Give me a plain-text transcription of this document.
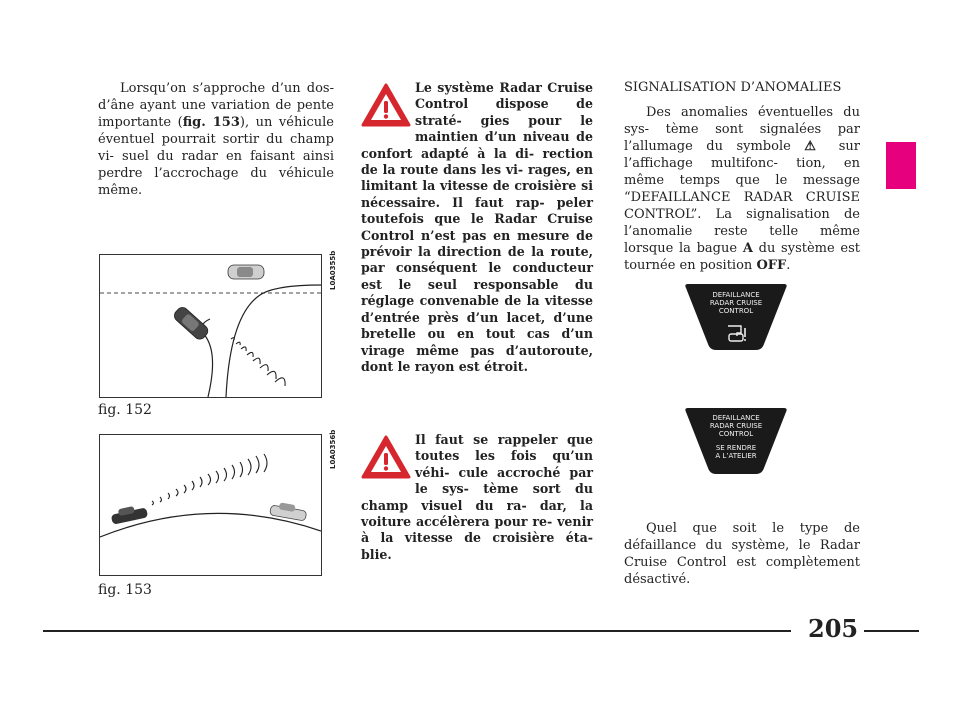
Lorsqu’on s’approche d’un dos- d’âne ayant une variation de pente importante (fig. 153), un véhicule éventuel pourrait sortir du champ vi- suel du radar en faisant ainsi perdre l’accrochage du véhicule même.
L0A0355b
fig. 152
L0A0356b
fig. 153
Le système Radar Cruise Control dispose de straté- gies pour le maintien d’un niveau de confort adapté à la di- rection de la route dans les vi- rages, en limitant la vitesse de croisière si nécessaire. Il faut rap- peler toutefois que le Radar Cruise Control n’est pas en mesure de prévoir la direction de la route, par conséquent le conducteur est le seul responsable du réglage convenable de la vitesse d’entrée près d’un lacet, d’une bretelle ou en tout cas d’un virage même pas d’autoroute, dont le rayon est étroit.
Il faut se rappeler que toutes les fois qu’un véhi- cule accroché par le sys- tème sort du champ visuel du ra- dar, la voiture accélèrera pour re- venir à la vitesse de croisière éta- blie.
SIGNALISATION D’ANOMALIES
Des anomalies éventuelles du sys- tème sont signalées par l’allumage du symbole ⚠ sur l’affichage multifonc- tion, en même temps que le message “DEFAILLANCE RADAR CRUISE CONTROL”. La signalisation de l’anomalie reste telle même lorsque la bague A du système est tournée en position OFF.
DEFAILLANCE
RADAR CRUISE
CONTROL
DEFAILLANCE
RADAR CRUISE
CONTROL
SE RENDRE
A L’ATELIER
Quel que soit le type de défaillance du système, le Radar Cruise Control est complètement désactivé.
205
